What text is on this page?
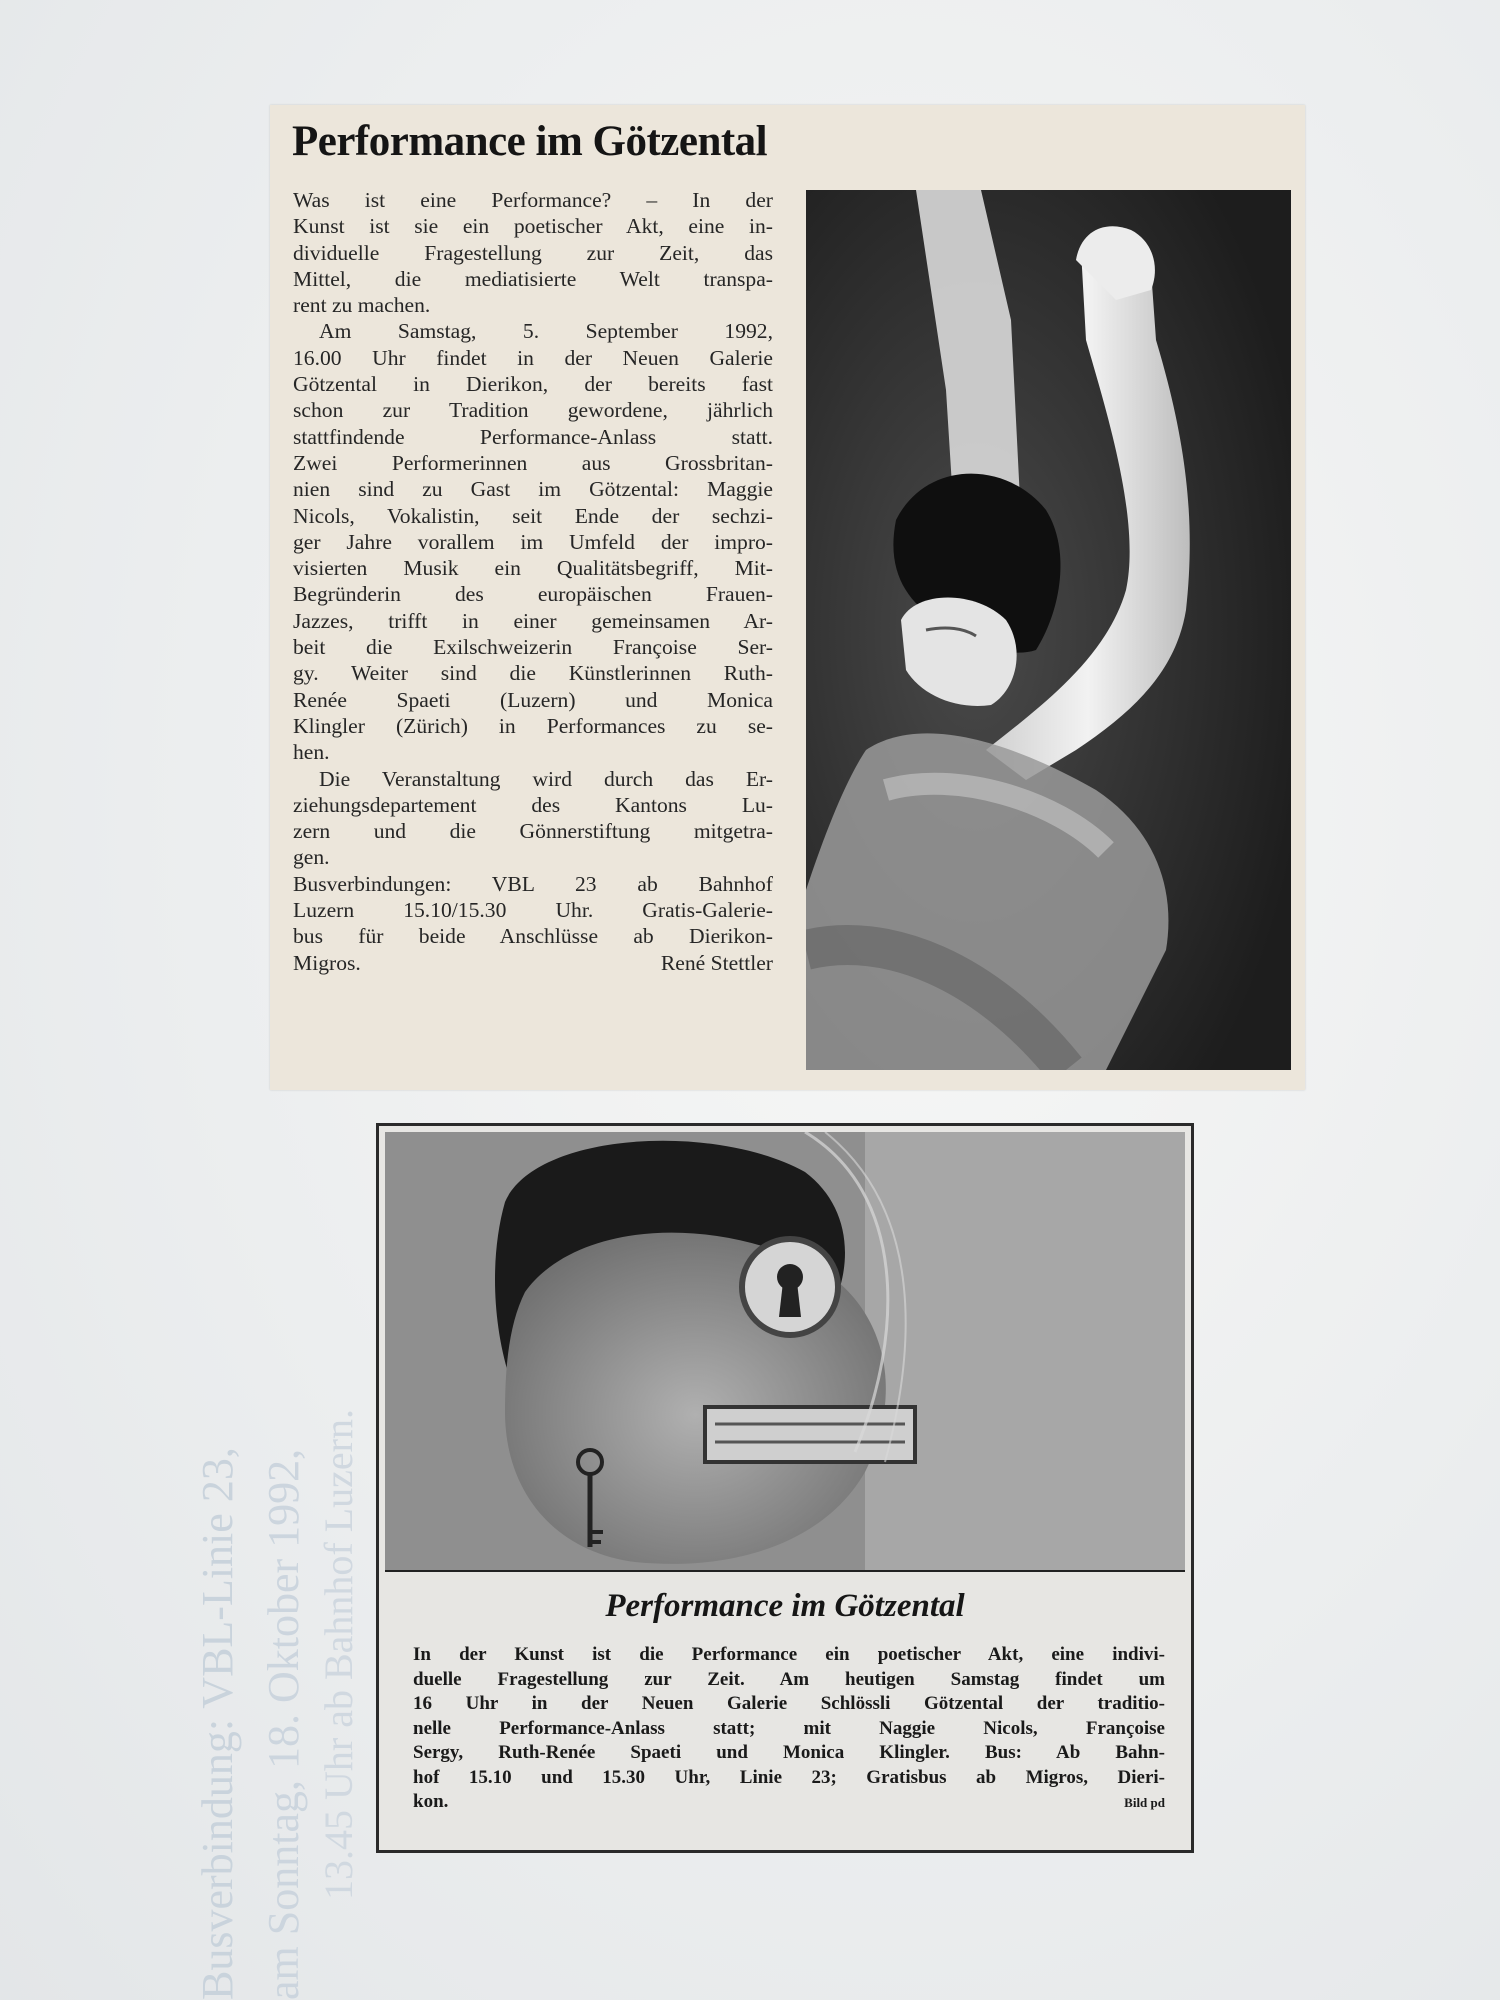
Busverbindung: VBL-Linie 23, am Sonntag, 18. Oktober 1992, 13.45 Uhr ab Bahnhof Luzern.
Performance im Götzental
Was ist eine Performance? – In der
Kunst ist sie ein poetischer Akt, eine in-
dividuelle Fragestellung zur Zeit, das
Mittel, die mediatisierte Welt transpa-
rent zu machen.
Am Samstag, 5. September 1992,
16.00 Uhr findet in der Neuen Galerie
Götzental in Dierikon, der bereits fast
schon zur Tradition gewordene, jährlich
stattfindende Performance-Anlass statt.
Zwei Performerinnen aus Grossbritan-
nien sind zu Gast im Götzental: Maggie
Nicols, Vokalistin, seit Ende der sechzi-
ger Jahre vorallem im Umfeld der impro-
visierten Musik ein Qualitätsbegriff, Mit-
Begründerin des europäischen Frauen-
Jazzes, trifft in einer gemeinsamen Ar-
beit die Exilschweizerin Françoise Ser-
gy. Weiter sind die Künstlerinnen Ruth-
Renée Spaeti (Luzern) und Monica
Klingler (Zürich) in Performances zu se-
hen.
Die Veranstaltung wird durch das Er-
ziehungsdepartement des Kantons Lu-
zern und die Gönnerstiftung mitgetra-
gen.
Busverbindungen: VBL 23 ab Bahnhof
Luzern 15.10/15.30 Uhr. Gratis-Galerie-
bus für beide Anschlüsse ab Dierikon-
Migros.	René Stettler
Performance im Götzental
In der Kunst ist die Performance ein poetischer Akt, eine indivi-
duelle Fragestellung zur Zeit. Am heutigen Samstag findet um
16 Uhr in der Neuen Galerie Schlössli Götzental der traditio-
nelle Performance-Anlass statt; mit Naggie Nicols, Françoise
Sergy, Ruth-Renée Spaeti und Monica Klingler. Bus: Ab Bahn-
hof 15.10 und 15.30 Uhr, Linie 23; Gratisbus ab Migros, Dieri-
kon.	Bild pd
